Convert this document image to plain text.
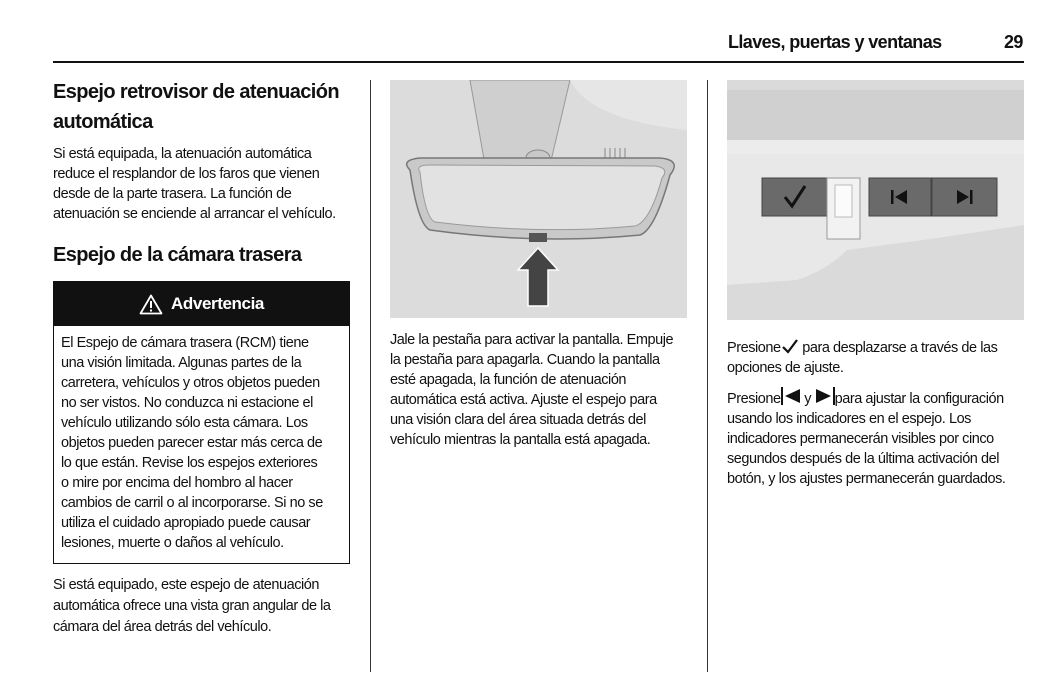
Llaves, puertas y ventanas	29
Espejo retrovisor de atenuación
automática
Si está equipada, la atenuación automática
reduce el resplandor de los faros que vienen
desde de la parte trasera. La función de
atenuación se enciende al arrancar el vehículo.
Espejo de la cámara trasera
Advertencia
El Espejo de cámara trasera (RCM) tiene
una visión limitada. Algunas partes de la
carretera, vehículos y otros objetos pueden
no ser vistos. No conduzca ni estacione el
vehículo utilizando sólo esta cámara. Los
objetos pueden parecer estar más cerca de
lo que están. Revise los espejos exteriores
o mire por encima del hombro al hacer
cambios de carril o al incorporarse. Si no se
utiliza el cuidado apropiado puede causar
lesiones, muerte o daños al vehículo.
Si está equipado, este espejo de atenuación
automática ofrece una vista gran angular de la
cámara del área detrás del vehículo.
Jale la pestaña para activar la pantalla. Empuje
la pestaña para apagarla. Cuando la pantalla
esté apagada, la función de atenuación
automática está activa. Ajuste el espejo para
una visión clara del área situada detrás del
vehículo mientras la pantalla está apagada.
Presione para desplazarse a través de las
opciones de ajuste.
Presione y para ajustar la configuración
usando los indicadores en el espejo. Los
indicadores permanecerán visibles por cinco
segundos después de la última activación del
botón, y los ajustes permanecerán guardados.
